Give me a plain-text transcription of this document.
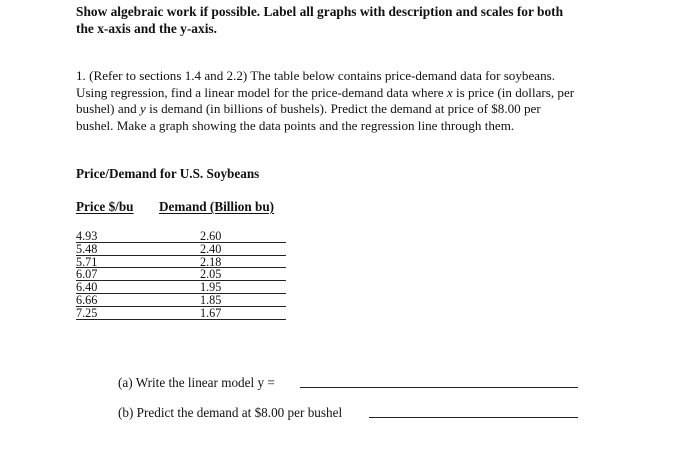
Show algebraic work if possible. Label all graphs with description and scales for both the x-axis and the y-axis.
1. (Refer to sections 1.4 and 2.2) The table below contains price-demand data for soybeans. Using regression, find a linear model for the price-demand data where x is price (in dollars, per bushel) and y is demand (in billions of bushels). Predict the demand at price of $8.00 per bushel. Make a graph showing the data points and the regression line through them.
Price/Demand for U.S. Soybeans
Price $/bu Demand (Billion bu)
4.93	2.60
5.48	2.40
5.71	2.18
6.07	2.05
6.40	1.95
6.66	1.85
7.25	1.67
(a) Write the linear model y =
(b) Predict the demand at $8.00 per bushel
